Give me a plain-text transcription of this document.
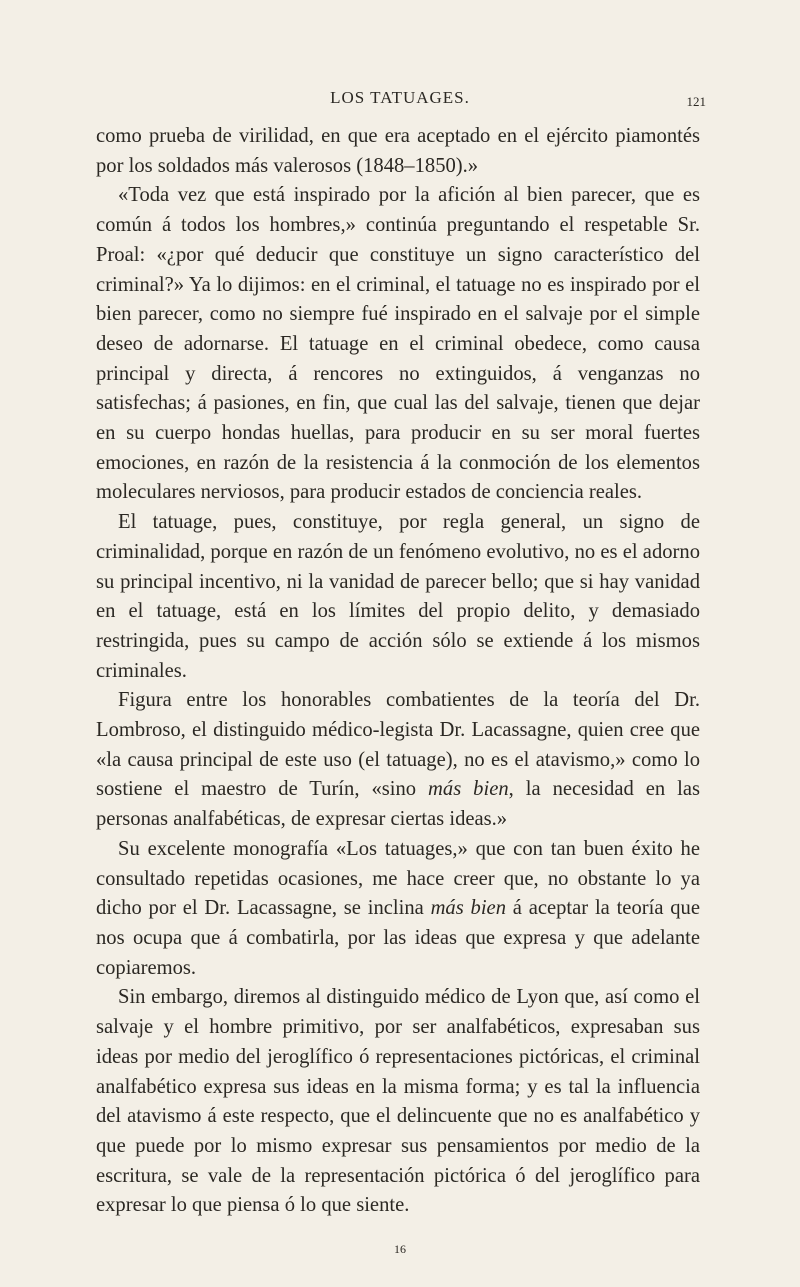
LOS TATUAGES.	121

como prueba de virilidad, en que era aceptado en el ejército piamontés por los soldados más valerosos (1848–1850).»

«Toda vez que está inspirado por la afición al bien parecer, que es común á todos los hombres,» continúa preguntando el respetable Sr. Proal: «¿por qué deducir que constituye un signo característico del criminal?» Ya lo dijimos: en el criminal, el tatuage no es inspirado por el bien parecer, como no siempre fué inspirado en el salvaje por el simple deseo de adornarse. El tatuage en el criminal obedece, como causa principal y directa, á rencores no extinguidos, á venganzas no satisfechas; á pasiones, en fin, que cual las del salvaje, tienen que dejar en su cuerpo hondas huellas, para producir en su ser moral fuertes emociones, en razón de la resistencia á la conmoción de los elementos moleculares nerviosos, para producir estados de conciencia reales.

El tatuage, pues, constituye, por regla general, un signo de criminalidad, porque en razón de un fenómeno evolutivo, no es el adorno su principal incentivo, ni la vanidad de parecer bello; que si hay vanidad en el tatuage, está en los límites del propio delito, y demasiado restringida, pues su campo de acción sólo se extiende á los mismos criminales.

Figura entre los honorables combatientes de la teoría del Dr. Lombroso, el distinguido médico-legista Dr. Lacassagne, quien cree que «la causa principal de este uso (el tatuage), no es el atavismo,» como lo sostiene el maestro de Turín, «sino más bien, la necesidad en las personas analfabéticas, de expresar ciertas ideas.»

Su excelente monografía «Los tatuages,» que con tan buen éxito he consultado repetidas ocasiones, me hace creer que, no obstante lo ya dicho por el Dr. Lacassagne, se inclina más bien á aceptar la teoría que nos ocupa que á combatirla, por las ideas que expresa y que adelante copiaremos.

Sin embargo, diremos al distinguido médico de Lyon que, así como el salvaje y el hombre primitivo, por ser analfabéticos, expresaban sus ideas por medio del jeroglífico ó representaciones pictóricas, el criminal analfabético expresa sus ideas en la misma forma; y es tal la influencia del atavismo á este respecto, que el delincuente que no es analfabético y que puede por lo mismo expresar sus pensamientos por medio de la escritura, se vale de la representación pictórica ó del jeroglífico para expresar lo que piensa ó lo que siente.

16
